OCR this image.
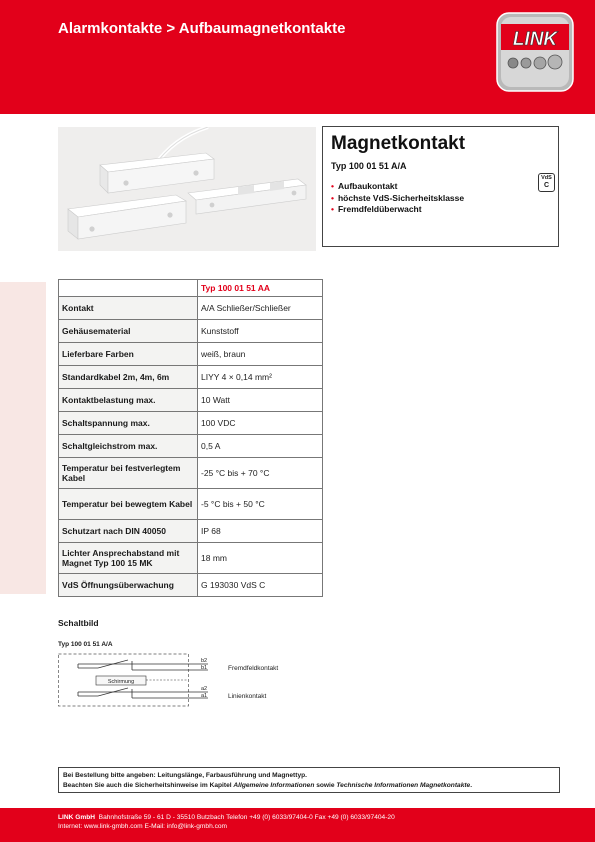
Alarmkontakte > Aufbaumagnetkontakte
LINK
Magnetkontakt
Typ 100 01 51 A/A
• Aufbaukontakt
• höchste VdS-Sicherheitsklasse
• Fremdfeldüberwacht
VdS
C
	Typ 100 01 51 AA
Kontakt	A/A Schließer/Schließer
Gehäusematerial	Kunststoff
Lieferbare Farben	weiß, braun
Standardkabel 2m, 4m, 6m	LIYY 4 × 0,14 mm²
Kontaktbelastung max.	10 Watt
Schaltspannung max.	100 VDC
Schaltgleichstrom max.	0,5 A
Temperatur bei festverlegtem Kabel	-25 °C bis + 70 °C
Temperatur bei bewegtem Kabel	-5 °C bis + 50 °C
Schutzart nach DIN 40050	IP 68
Lichter Ansprechabstand mit Magnet Typ 100 15 MK	18 mm
VdS Öffnungsüberwachung	G 193030 VdS C
Schaltbild
Typ 100 01 51 A/A
Schirmung
b2
b1
a2
a1
Fremdfeldkontakt
Linienkontakt
Bei Bestellung bitte angeben: Leitungslänge, Farbausführung und Magnettyp.
Beachten Sie auch die Sicherheitshinweise im Kapitel Allgemeine Informationen sowie Technische Informationen Magnetkontakte.
LINK GmbH Bahnhofstraße 59 - 61 D - 35510 Butzbach Telefon +49 (0) 6033/97404-0 Fax +49 (0) 6033/97404-20
Internet: www.link-gmbh.com E-Mail: info@link-gmbh.com
